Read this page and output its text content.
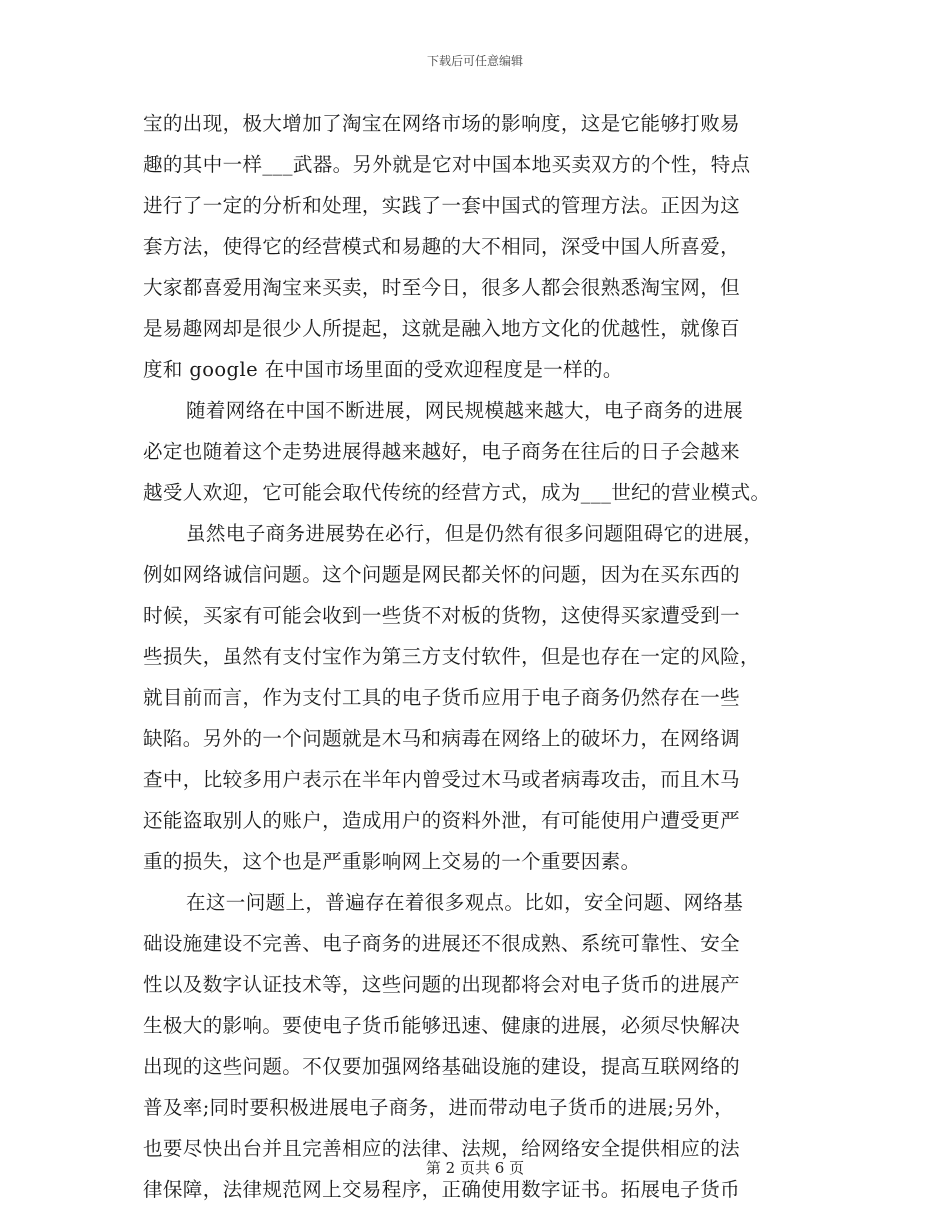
下载后可任意编辑
宝的出现，极大增加了淘宝在网络市场的影响度，这是它能够打败易
趣的其中一样___武器。另外就是它对中国本地买卖双方的个性，特点
进行了一定的分析和处理，实践了一套中国式的管理方法。正因为这
套方法，使得它的经营模式和易趣的大不相同，深受中国人所喜爱，
大家都喜爱用淘宝来买卖，时至今日，很多人都会很熟悉淘宝网，但
是易趣网却是很少人所提起，这就是融入地方文化的优越性，就像百
度和 google 在中国市场里面的受欢迎程度是一样的。
随着网络在中国不断进展，网民规模越来越大，电子商务的进展
必定也随着这个走势进展得越来越好，电子商务在往后的日子会越来
越受人欢迎，它可能会取代传统的经营方式，成为___世纪的营业模式。
虽然电子商务进展势在必行，但是仍然有很多问题阻碍它的进展，
例如网络诚信问题。这个问题是网民都关怀的问题，因为在买东西的
时候，买家有可能会收到一些货不对板的货物，这使得买家遭受到一
些损失，虽然有支付宝作为第三方支付软件，但是也存在一定的风险，
就目前而言，作为支付工具的电子货币应用于电子商务仍然存在一些
缺陷。另外的一个问题就是木马和病毒在网络上的破坏力，在网络调
查中，比较多用户表示在半年内曾受过木马或者病毒攻击，而且木马
还能盗取别人的账户，造成用户的资料外泄，有可能使用户遭受更严
重的损失，这个也是严重影响网上交易的一个重要因素。
在这一问题上，普遍存在着很多观点。比如，安全问题、网络基
础设施建设不完善、电子商务的进展还不很成熟、系统可靠性、安全
性以及数字认证技术等，这些问题的出现都将会对电子货币的进展产
生极大的影响。要使电子货币能够迅速、健康的进展，必须尽快解决
出现的这些问题。不仅要加强网络基础设施的建设，提高互联网络的
普及率;同时要积极进展电子商务，进而带动电子货币的进展;另外，
也要尽快出台并且完善相应的法律、法规，给网络安全提供相应的法
律保障，法律规范网上交易程序，正确使用数字证书。拓展电子货币
第 2 页共 6 页
